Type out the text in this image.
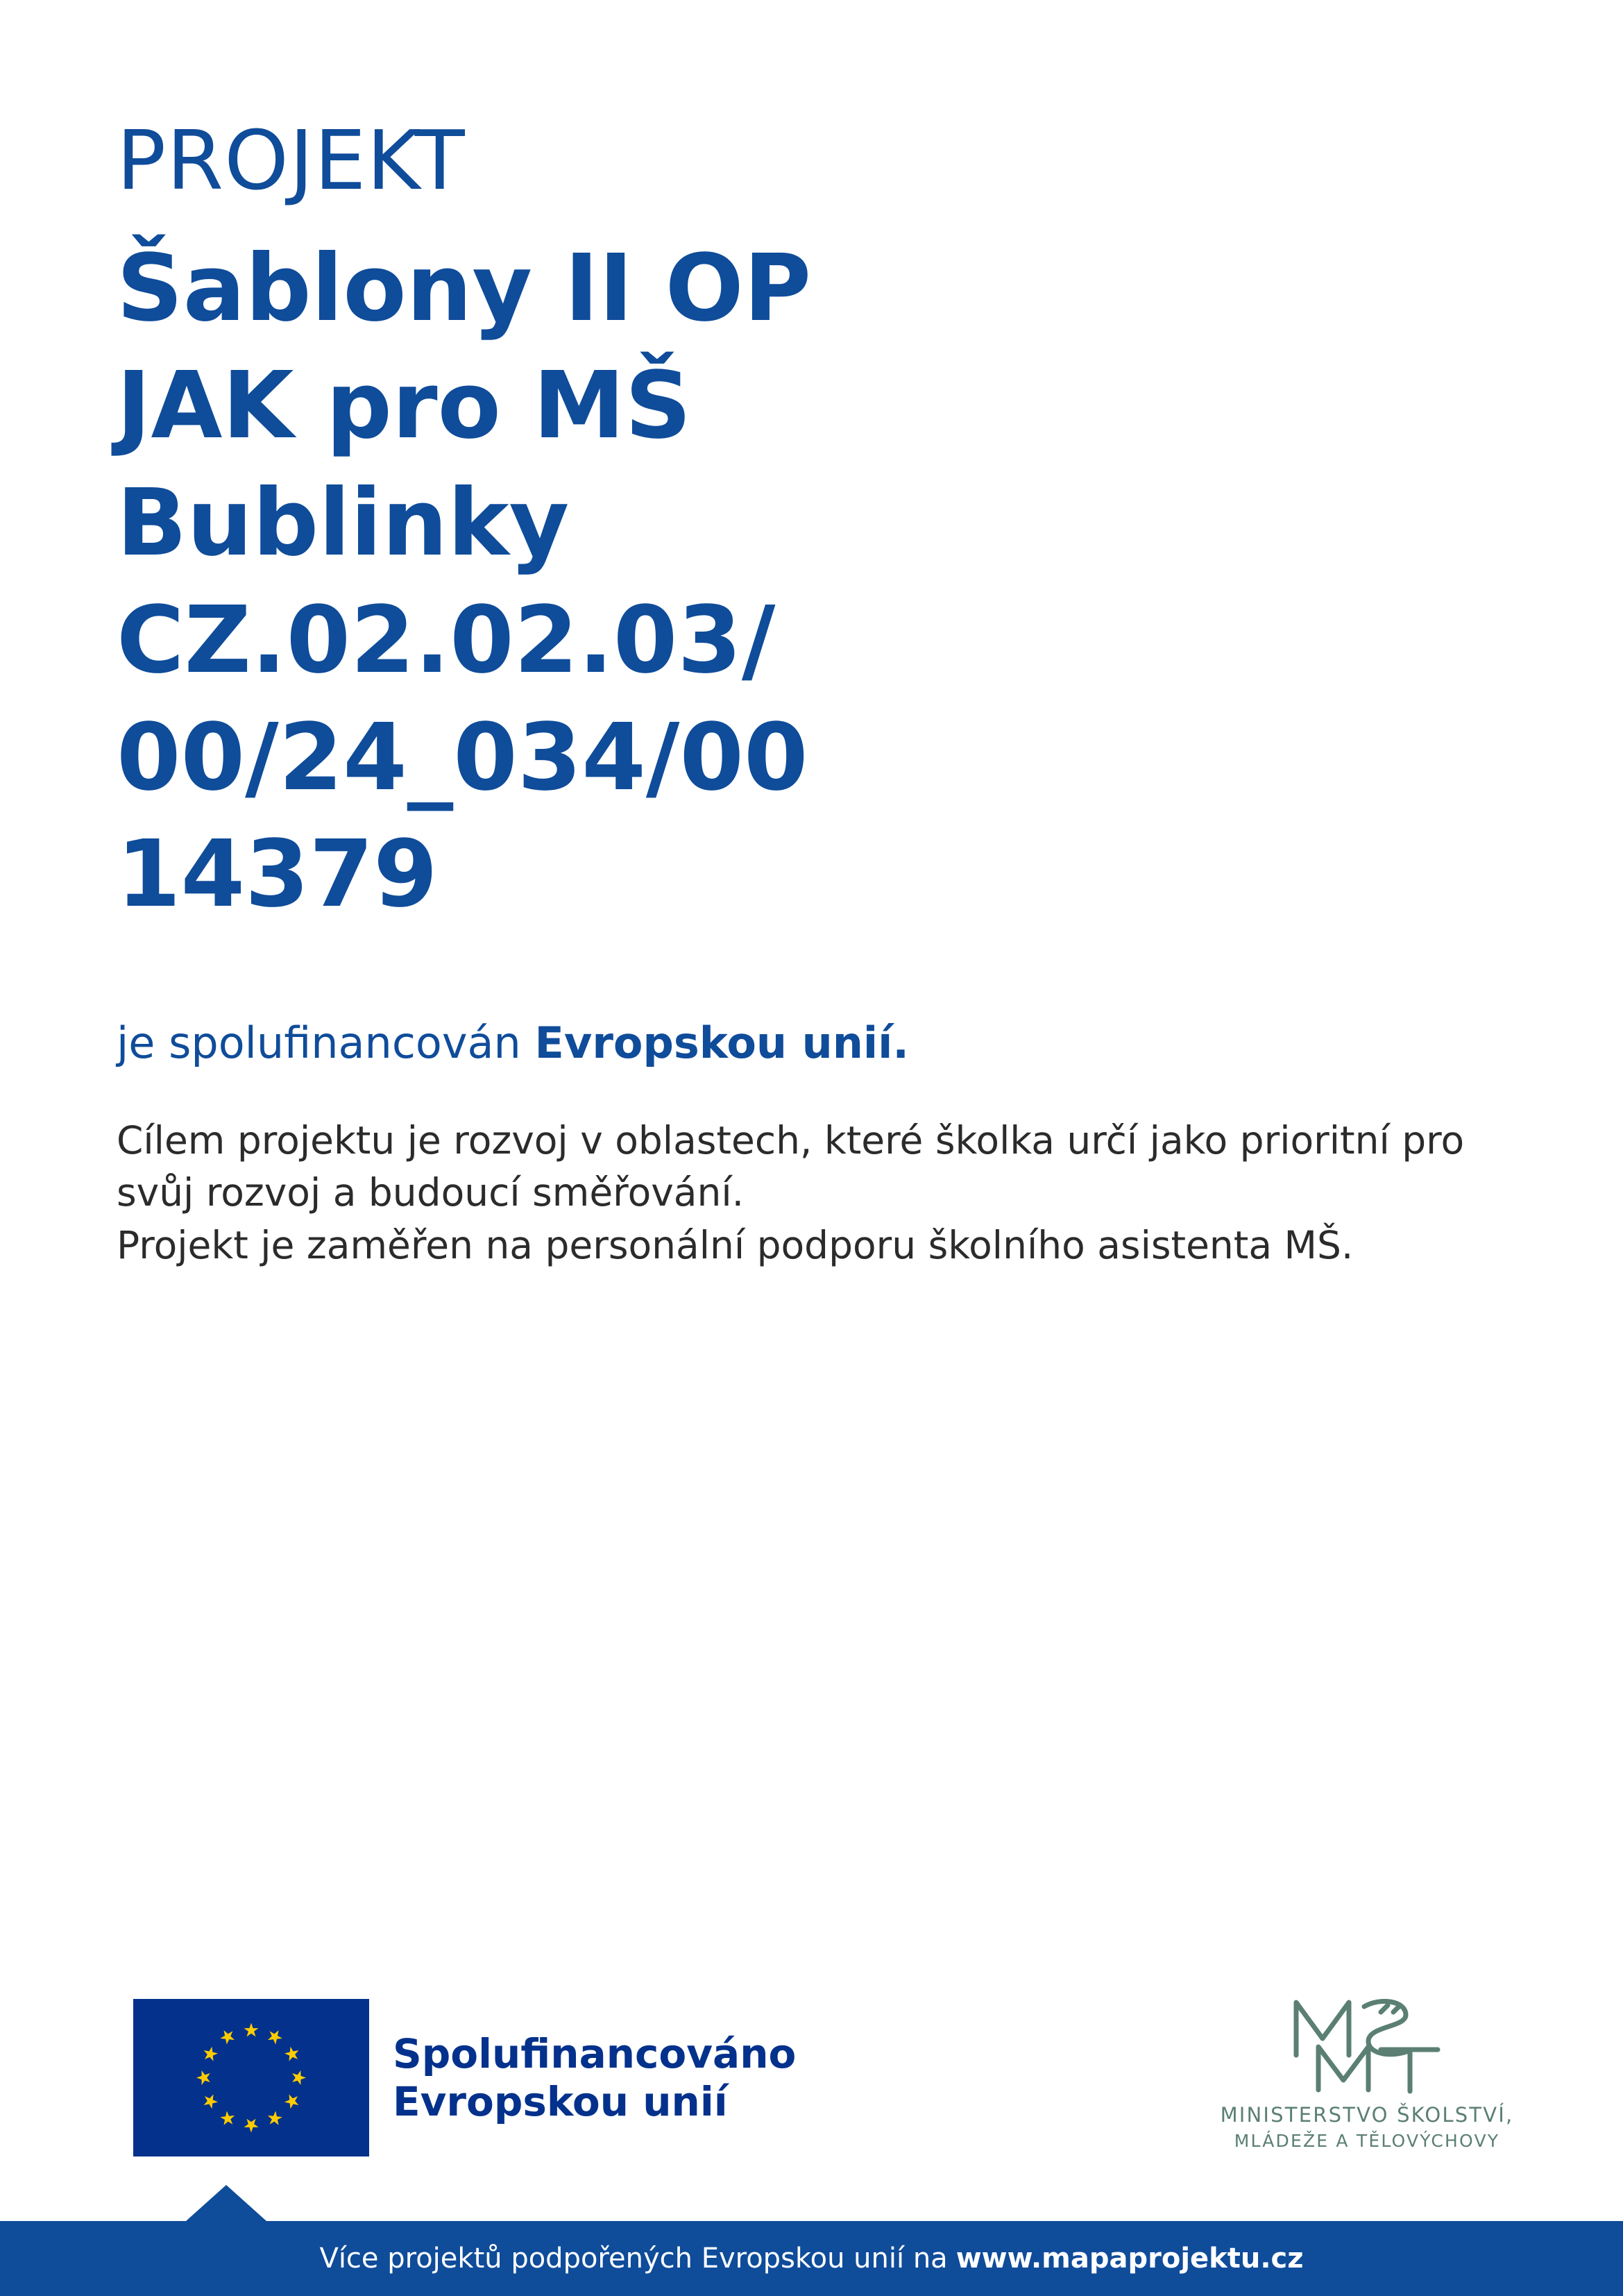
PROJEKT
Šablony II OP JAK pro MŠ Bublinky CZ.02.02.03/00/24_034/0014379
je spolufinancován Evropskou unií.

Cílem projektu je rozvoj v oblastech, které školka určí jako prioritní pro svůj rozvoj a budoucí směřování.

Projekt je zaměřen na personální podporu školního asistenta MŠ.

Spolufinancováno
Evropskou unií	MINISTERSTVO ŠKOLSTVÍ,
MLÁDEŽE A TĚLOVÝCHOVY
Více projektů podpořených Evropskou unií na www.mapaprojektu.cz
